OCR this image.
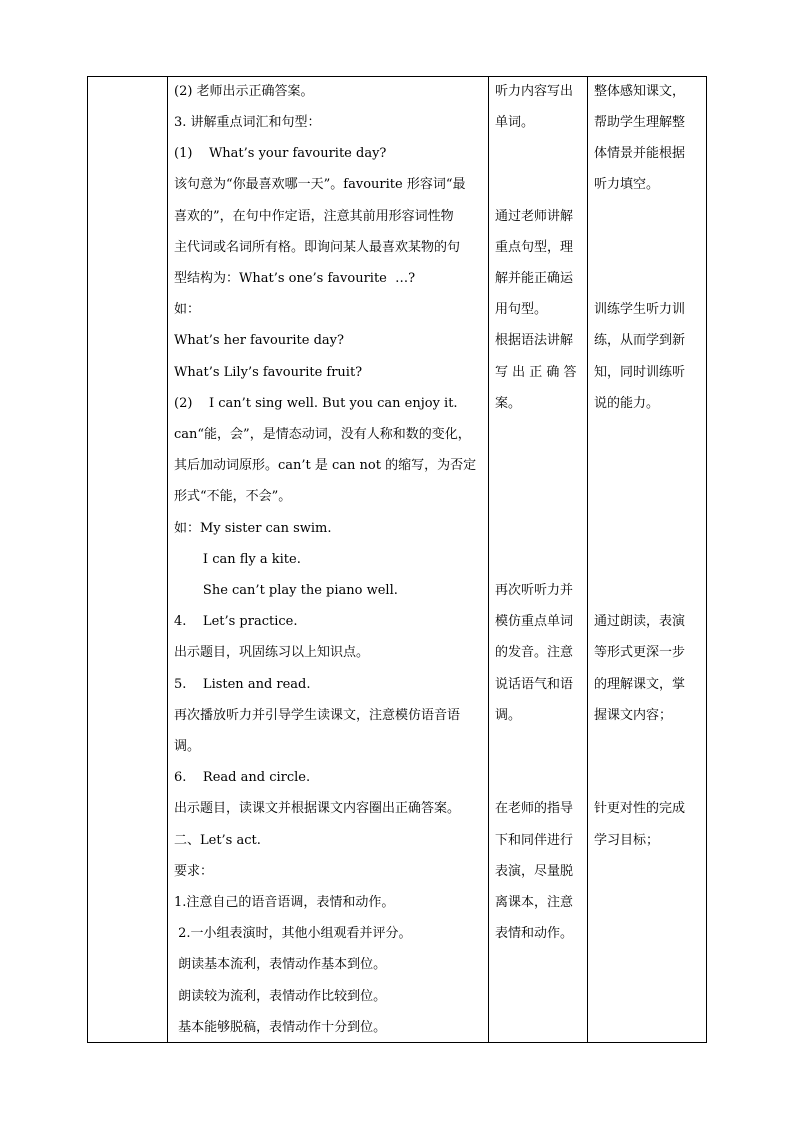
(2) 老师出示正确答案。
3. 讲解重点词汇和句型：
(1)    What’s your favourite day?
该句意为“你最喜欢哪一天”。favourite 形容词“最
喜欢的”，在句中作定语，注意其前用形容词性物
主代词或名词所有格。即询问某人最喜欢某物的句
型结构为：What’s one’s favourite  …?
如：
What’s her favourite day?
What’s Lily’s favourite fruit?
(2)    I can’t sing well. But you can enjoy it.
can“能，会”，是情态动词，没有人称和数的变化，
其后加动词原形。can’t 是 can not 的缩写，为否定
形式“不能，不会”。
如：My sister can swim.
I can fly a kite.
She can’t play the piano well.
4.    Let’s practice.
出示题目，巩固练习以上知识点。
5.    Listen and read.
再次播放听力并引导学生读课文，注意模仿语音语
调。
6.    Read and circle.
出示题目，读课文并根据课文内容圈出正确答案。
二、Let’s act.
要求：
1.注意自己的语音语调，表情和动作。
2.一小组表演时，其他小组观看并评分。
朗读基本流利，表情动作基本到位。
朗读较为流利，表情动作比较到位。
基本能够脱稿，表情动作十分到位。
听力内容写出
单词。
通过老师讲解
重点句型，理
解并能正确运
用句型。
根据语法讲解
写 出 正 确 答
案。
再次听听力并
模仿重点单词
的发音。注意
说话语气和语
调。
在老师的指导
下和同伴进行
表演，尽量脱
离课本，注意
表情和动作。
整体感知课文，
帮助学生理解整
体情景并能根据
听力填空。
训练学生听力训
练，从而学到新
知，同时训练听
说的能力。
通过朗读，表演
等形式更深一步
的理解课文，掌
握课文内容；
针更对性的完成
学习目标；
